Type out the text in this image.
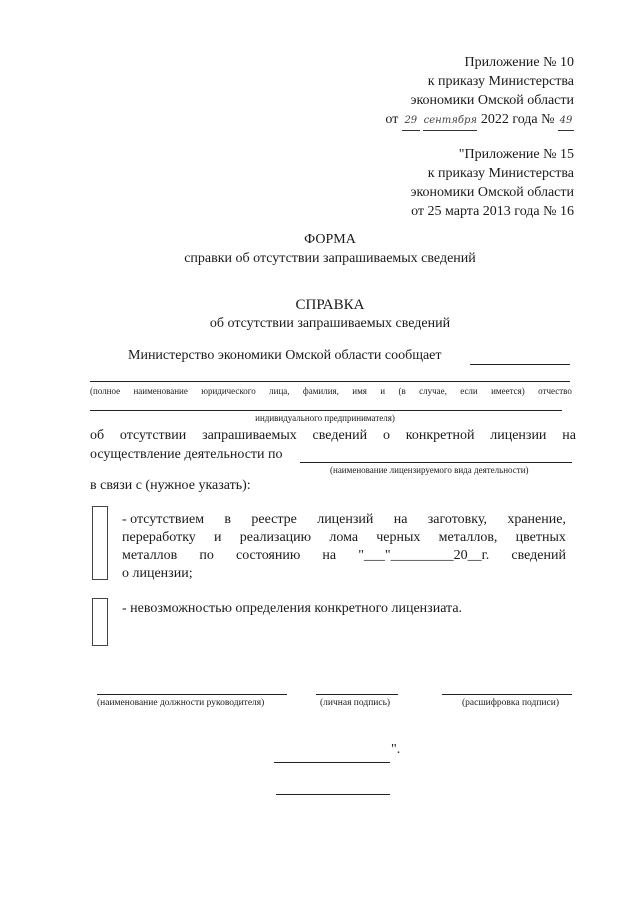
Приложение № 10
к приказу Министерства
экономики Омской области
от 29 сентября 2022 года № 49
"Приложение № 15
к приказу Министерства
экономики Омской области
от 25 марта 2013 года № 16
ФОРМА
справки об отсутствии запрашиваемых сведений
СПРАВКА
об отсутствии запрашиваемых сведений
Министерство экономики Омской области сообщает
(полное наименование юридического лица, фамилия, имя и (в случае, если имеется) отчество
индивидуального предпринимателя)
об отсутствии запрашиваемых сведений о конкретной лицензии на
осуществление деятельности по
(наименование лицензируемого вида деятельности)
в связи с (нужное указать):
- отсутствием в реестре лицензий на заготовку, хранение,
переработку и реализацию лома черных металлов, цветных
металлов по состоянию на "___"_________20__г. сведений
о лицензии;
- невозможностью определения конкретного лицензиата.
(наименование должности руководителя)	(личная подпись)	(расшифровка подписи)
".
